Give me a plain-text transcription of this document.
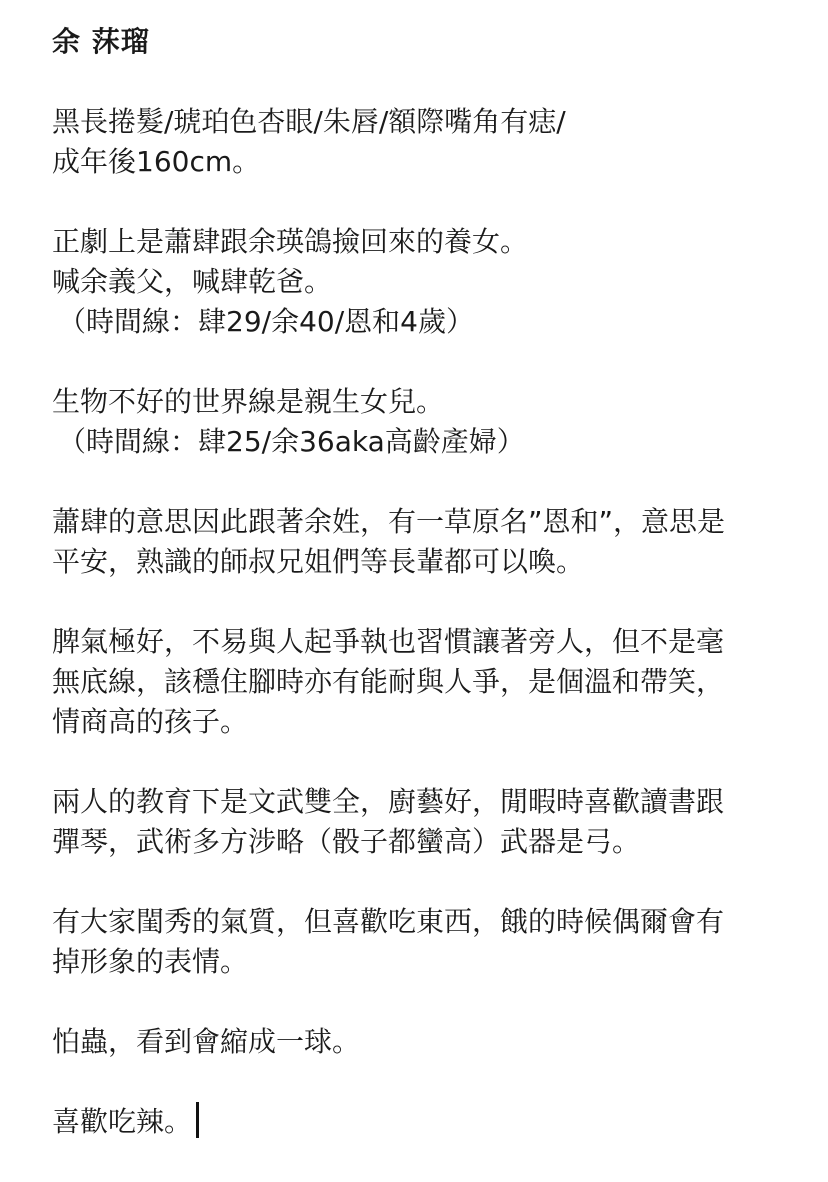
余 莯瑠
黑長捲髮/琥珀色杏眼/朱唇/額際嘴角有痣/
成年後160cm。
正劇上是蕭肆跟余瑛鴿撿回來的養女。
喊余義父，喊肆乾爸。
（時間線：肆29/余40/恩和4歲）
生物不好的世界線是親生女兒。
（時間線：肆25/余36aka高齡產婦）
蕭肆的意思因此跟著余姓，有一草原名”恩和”，意思是
平安，熟識的師叔兄姐們等長輩都可以喚。
脾氣極好，不易與人起爭執也習慣讓著旁人，但不是毫
無底線，該穩住腳時亦有能耐與人爭，是個溫和帶笑，
情商高的孩子。
兩人的教育下是文武雙全，廚藝好，閒暇時喜歡讀書跟
彈琴，武術多方涉略（骰子都蠻高）武器是弓。
有大家閨秀的氣質，但喜歡吃東西，餓的時候偶爾會有
掉形象的表情。
怕蟲，看到會縮成一球。
喜歡吃辣。
